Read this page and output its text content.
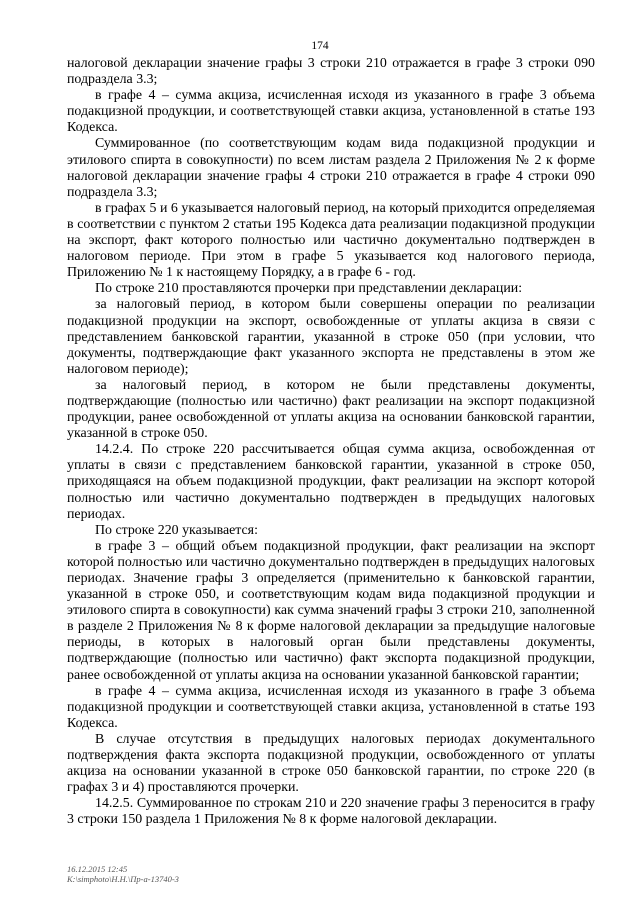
174

налоговой декларации значение графы 3 строки 210 отражается в графе 3 строки 090 подраздела 3.3;

в графе 4 – сумма акциза, исчисленная исходя из указанного в графе 3 объема подакцизной продукции, и соответствующей ставки акциза, установленной в статье 193 Кодекса.

Суммированное (по соответствующим кодам вида подакцизной продукции и этилового спирта в совокупности) по всем листам раздела 2 Приложения № 2 к форме налоговой декларации значение графы 4 строки 210 отражается в графе 4 строки 090 подраздела 3.3;

в графах 5 и 6 указывается налоговый период, на который приходится определяемая в соответствии с пунктом 2 статьи 195 Кодекса дата реализации подакцизной продукции на экспорт, факт которого полностью или частично документально подтвержден в налоговом периоде. При этом в графе 5 указывается код налогового периода, Приложению № 1 к настоящему Порядку, а в графе 6 - год.

По строке 210 проставляются прочерки при представлении декларации:

за налоговый период, в котором были совершены операции по реализации подакцизной продукции на экспорт, освобожденные от уплаты акциза в связи с представлением банковской гарантии, указанной в строке 050 (при условии, что документы, подтверждающие факт указанного экспорта не представлены в этом же налоговом периоде);

за налоговый период, в котором не были представлены документы, подтверждающие (полностью или частично) факт реализации на экспорт подакцизной продукции, ранее освобожденной от уплаты акциза на основании банковской гарантии, указанной в строке 050.

14.2.4. По строке 220 рассчитывается общая сумма акциза, освобожденная от уплаты в связи с представлением банковской гарантии, указанной в строке 050, приходящаяся на объем подакцизной продукции, факт реализации на экспорт которой полностью или частично документально подтвержден в предыдущих налоговых периодах.

По строке 220 указывается:

в графе 3 – общий объем подакцизной продукции, факт реализации на экспорт которой полностью или частично документально подтвержден в предыдущих налоговых периодах. Значение графы 3 определяется (применительно к банковской гарантии, указанной в строке 050, и соответствующим кодам вида подакцизной продукции и этилового спирта в совокупности) как сумма значений графы 3 строки 210, заполненной в разделе 2 Приложения № 8 к форме налоговой декларации за предыдущие налоговые периоды, в которых в налоговый орган были представлены документы, подтверждающие (полностью или частично) факт экспорта подакцизной продукции, ранее освобожденной от уплаты акциза на основании указанной банковской гарантии;

в графе 4 – сумма акциза, исчисленная исходя из указанного в графе 3 объема подакцизной продукции и соответствующей ставки акциза, установленной в статье 193 Кодекса.

В случае отсутствия в предыдущих налоговых периодах документального подтверждения факта экспорта подакцизной продукции, освобожденного от уплаты акциза на основании указанной в строке 050 банковской гарантии, по строке 220 (в графах 3 и 4) проставляются прочерки.

14.2.5. Суммированное по строкам 210 и 220 значение графы 3 переносится в графу 3 строки 150 раздела 1 Приложения № 8 к форме налоговой декларации.

16.12.2015 12:45
K:\simphoto\Н.Н.\Пр-а-13740-3
